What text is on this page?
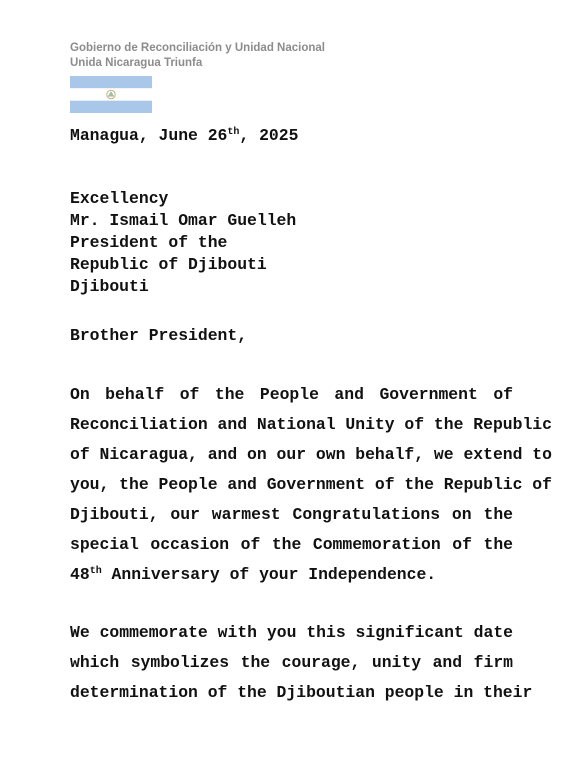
Gobierno de Reconciliación y Unidad Nacional
Unida Nicaragua Triunfa
Managua, June 26th, 2025
Excellency
Mr. Ismail Omar Guelleh
President of the
Republic of Djibouti
Djibouti
Brother President,
On behalf of the People and Government of
Reconciliation and National Unity of the Republic
of Nicaragua, and on our own behalf, we extend to
you, the People and Government of the Republic of
Djibouti, our warmest Congratulations on the
special occasion of the Commemoration of the
48th Anniversary of your Independence.
We commemorate with you this significant date
which symbolizes the courage, unity and firm
determination of the Djiboutian people in their
